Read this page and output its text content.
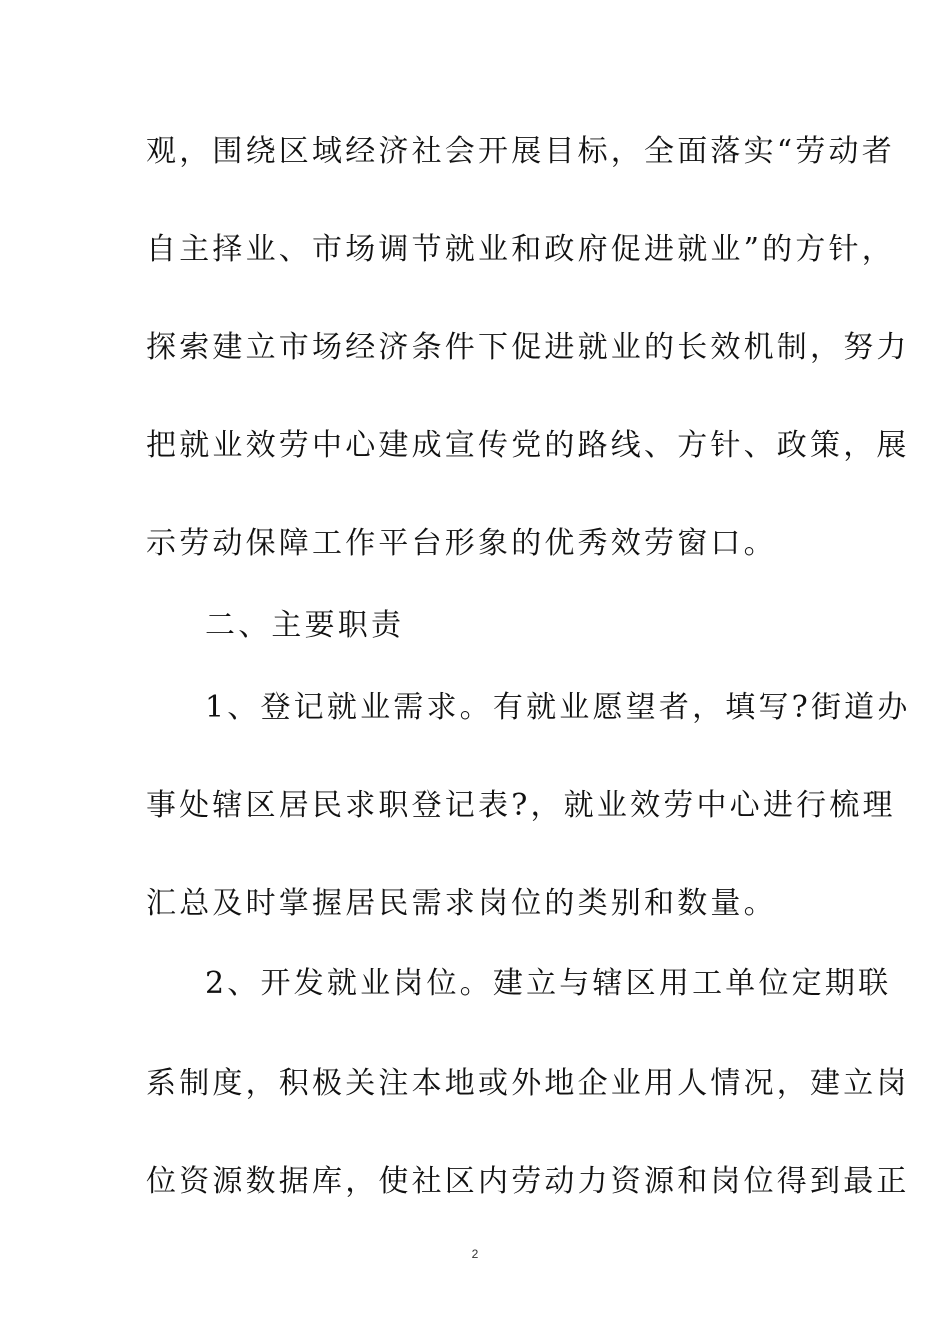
观，围绕区域经济社会开展目标，全面落实“劳动者
自主择业、市场调节就业和政府促进就业”的方针，
探索建立市场经济条件下促进就业的长效机制，努力
把就业效劳中心建成宣传党的路线、方针、政策，展
示劳动保障工作平台形象的优秀效劳窗口。
二、主要职责
1、登记就业需求。有就业愿望者，填写?街道办
事处辖区居民求职登记表?，就业效劳中心进行梳理
汇总及时掌握居民需求岗位的类别和数量。
2、开发就业岗位。建立与辖区用工单位定期联
系制度，积极关注本地或外地企业用人情况，建立岗
位资源数据库，使社区内劳动力资源和岗位得到最正
2
